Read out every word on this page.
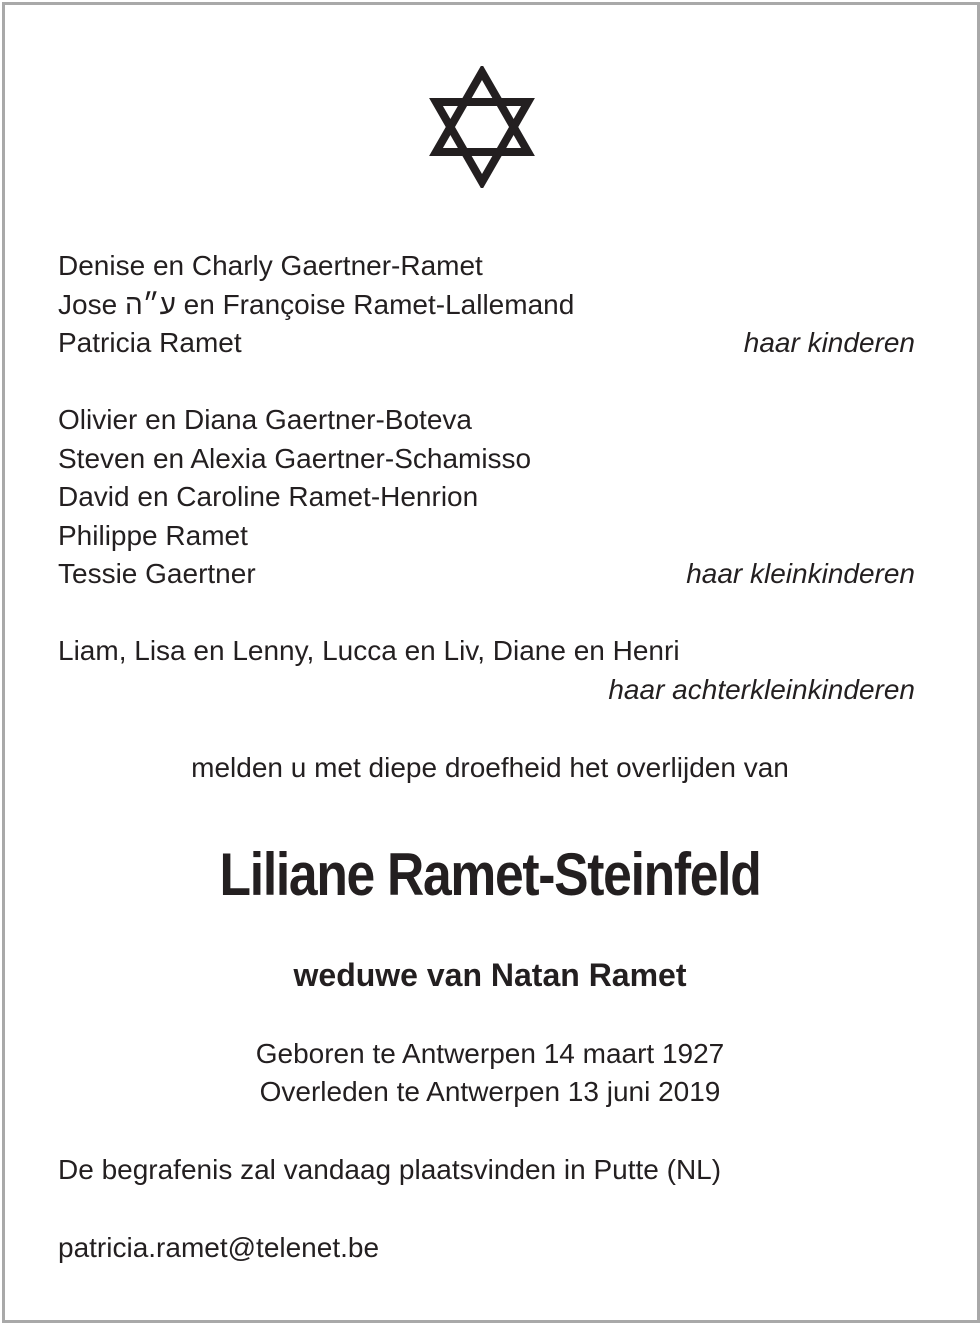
Denise en Charly Gaertner-Ramet
Jose ע״ה en Françoise Ramet-Lallemand
Patricia Ramet	haar kinderen
Olivier en Diana Gaertner-Boteva
Steven en Alexia Gaertner-Schamisso
David en Caroline Ramet-Henrion
Philippe Ramet
Tessie Gaertner	haar kleinkinderen
Liam, Lisa en Lenny, Lucca en Liv, Diane en Henri
haar achterkleinkinderen
melden u met diepe droefheid het overlijden van
Liliane Ramet-Steinfeld
weduwe van Natan Ramet
Geboren te Antwerpen 14 maart 1927
Overleden te Antwerpen 13 juni 2019
De begrafenis zal vandaag plaatsvinden in Putte (NL)
patricia.ramet@telenet.be
